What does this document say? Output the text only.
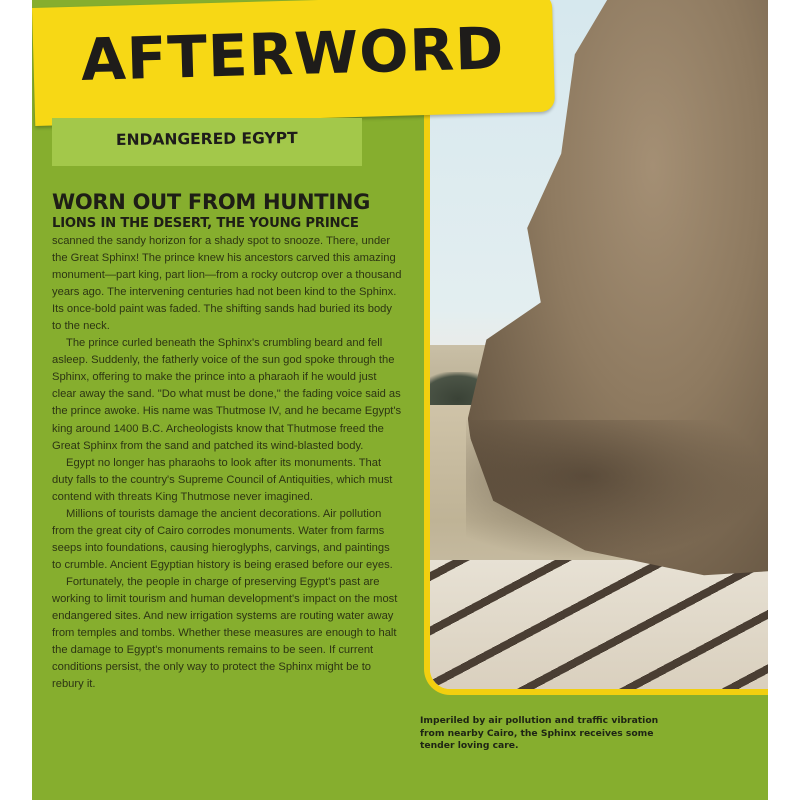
AFTERWORD
ENDANGERED EGYPT
WORN OUT FROM HUNTING
LIONS IN THE DESERT, THE YOUNG PRINCE

scanned the sandy horizon for a shady spot to snooze. There, under the Great Sphinx! The prince knew his ancestors carved this amazing monument—part king, part lion—from a rocky outcrop over a thousand years ago. The intervening centuries had not been kind to the Sphinx. Its once-bold paint was faded. The shifting sands had buried its body to the neck.

The prince curled beneath the Sphinx's crumbling beard and fell asleep. Suddenly, the fatherly voice of the sun god spoke through the Sphinx, offering to make the prince into a pharaoh if he would just clear away the sand. "Do what must be done," the fading voice said as the prince awoke. His name was Thutmose IV, and he became Egypt's king around 1400 B.C. Archeologists know that Thutmose freed the Great Sphinx from the sand and patched its wind-blasted body.

Egypt no longer has pharaohs to look after its monuments. That duty falls to the country's Supreme Council of Antiquities, which must contend with threats King Thutmose never imagined.

Millions of tourists damage the ancient decorations. Air pollution from the great city of Cairo corrodes monuments. Water from farms seeps into foundations, causing hieroglyphs, carvings, and paintings to crumble. Ancient Egyptian history is being erased before our eyes.

Fortunately, the people in charge of preserving Egypt's past are working to limit tourism and human development's impact on the most endangered sites. And new irrigation systems are routing water away from temples and tombs. Whether these measures are enough to halt the damage to Egypt's monuments remains to be seen. If current conditions persist, the only way to protect the Sphinx might be to rebury it.

Imperiled by air pollution and traffic vibration from nearby Cairo, the Sphinx receives some tender loving care.
